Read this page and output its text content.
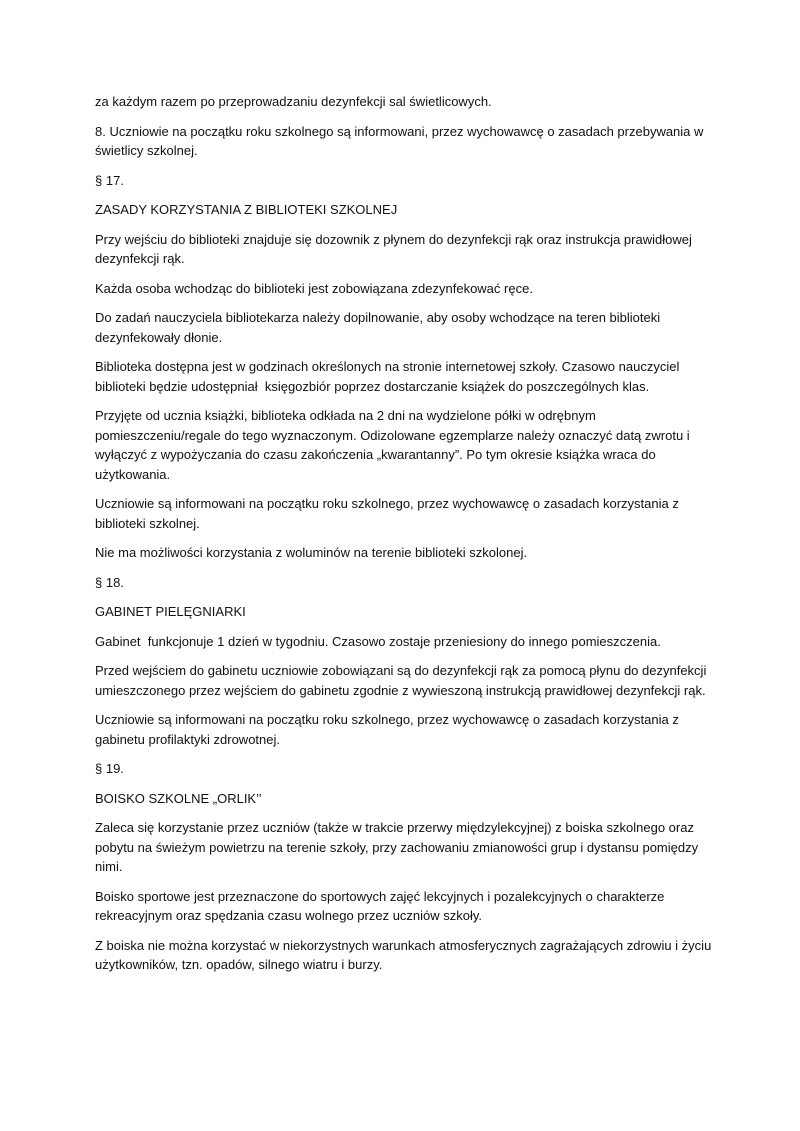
za każdym razem po przeprowadzaniu dezynfekcji sal świetlicowych.

8. Uczniowie na początku roku szkolnego są informowani, przez wychowawcę o zasadach przebywania w świetlicy szkolnej.

§ 17.

ZASADY KORZYSTANIA Z BIBLIOTEKI SZKOLNEJ

Przy wejściu do biblioteki znajduje się dozownik z płynem do dezynfekcji rąk oraz instrukcja prawidłowej dezynfekcji rąk.

Każda osoba wchodząc do biblioteki jest zobowiązana zdezynfekować ręce.

Do zadań nauczyciela bibliotekarza należy dopilnowanie, aby osoby wchodzące na teren biblioteki dezynfekowały dłonie.

Biblioteka dostępna jest w godzinach określonych na stronie internetowej szkoły. Czasowo nauczyciel biblioteki będzie udostępniał  księgozbiór poprzez dostarczanie książek do poszczególnych klas.

Przyjęte od ucznia książki, biblioteka odkłada na 2 dni na wydzielone półki w odrębnym pomieszczeniu/regale do tego wyznaczonym. Odizolowane egzemplarze należy oznaczyć datą zwrotu i wyłączyć z wypożyczania do czasu zakończenia „kwarantanny”. Po tym okresie książka wraca do użytkowania.

Uczniowie są informowani na początku roku szkolnego, przez wychowawcę o zasadach korzystania z biblioteki szkolnej.

Nie ma możliwości korzystania z woluminów na terenie biblioteki szkolonej.

§ 18.

GABINET PIELĘGNIARKI

Gabinet  funkcjonuje 1 dzień w tygodniu. Czasowo zostaje przeniesiony do innego pomieszczenia.

Przed wejściem do gabinetu uczniowie zobowiązani są do dezynfekcji rąk za pomocą płynu do dezynfekcji umieszczonego przez wejściem do gabinetu zgodnie z wywieszoną instrukcją prawidłowej dezynfekcji rąk.

Uczniowie są informowani na początku roku szkolnego, przez wychowawcę o zasadach korzystania z gabinetu profilaktyki zdrowotnej.

§ 19.

BOISKO SZKOLNE „ORLIK’’

Zaleca się korzystanie przez uczniów (także w trakcie przerwy międzylekcyjnej) z boiska szkolnego oraz pobytu na świeżym powietrzu na terenie szkoły, przy zachowaniu zmianowości grup i dystansu pomiędzy nimi.

Boisko sportowe jest przeznaczone do sportowych zajęć lekcyjnych i pozalekcyjnych o charakterze rekreacyjnym oraz spędzania czasu wolnego przez uczniów szkoły.

Z boiska nie można korzystać w niekorzystnych warunkach atmosferycznych zagrażających zdrowiu i życiu użytkowników, tzn. opadów, silnego wiatru i burzy.
